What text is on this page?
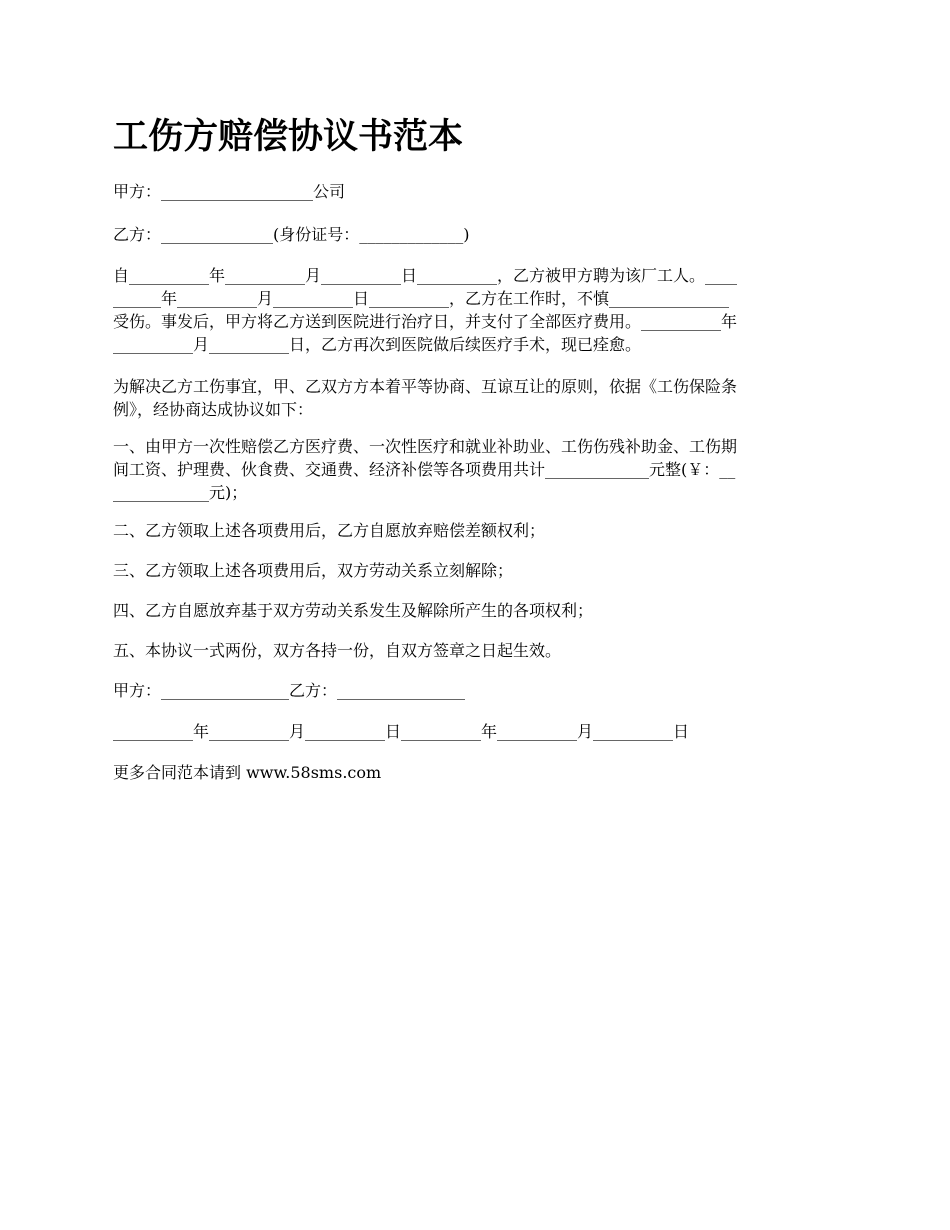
工伤方赔偿协议书范本
甲方：___________________公司
乙方：______________(身份证号：_____________)
自__________年__________月__________日__________，乙方被甲方聘为该厂工人。____
______年__________月__________日__________，乙方在工作时，不慎_______________
受伤。事发后，甲方将乙方送到医院进行治疗日，并支付了全部医疗费用。__________年
__________月__________日，乙方再次到医院做后续医疗手术，现已痊愈。
为解决乙方工伤事宜，甲、乙双方方本着平等协商、互谅互让的原则，依据《工伤保险条
例》，经协商达成协议如下：
一、由甲方一次性赔偿乙方医疗费、一次性医疗和就业补助业、工伤伤残补助金、工伤期
间工资、护理费、伙食费、交通费、经济补偿等各项费用共计_____________元整(￥：__
____________元)；
二、乙方领取上述各项费用后，乙方自愿放弃赔偿差额权利；
三、乙方领取上述各项费用后，双方劳动关系立刻解除；
四、乙方自愿放弃基于双方劳动关系发生及解除所产生的各项权利；
五、本协议一式两份，双方各持一份，自双方签章之日起生效。
甲方：________________乙方：________________
__________年__________月__________日__________年__________月__________日
更多合同范本请到 www.58sms.com
